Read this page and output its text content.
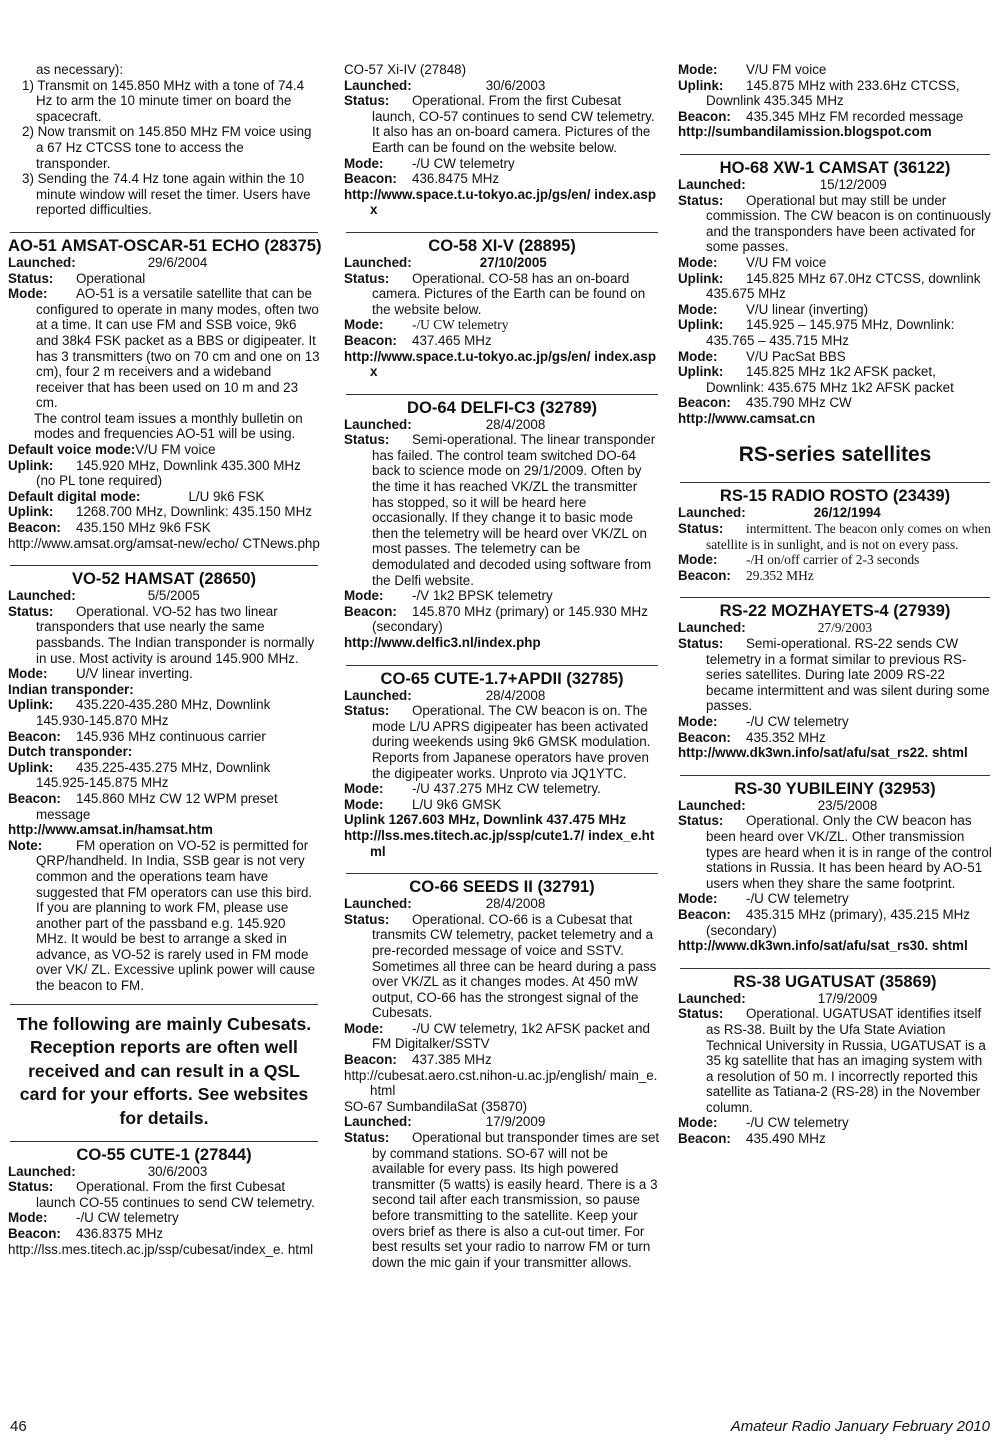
as necessary):

1) Transmit on 145.850 MHz with a tone of 74.4 Hz to arm the 10 minute timer on board the spacecraft.

2) Now transmit on 145.850 MHz FM voice using a 67 Hz CTCSS tone to access the transponder.

3) Sending the 74.4 Hz tone again within the 10 minute window will reset the timer. Users have reported difficulties.

AO-51 AMSAT-OSCAR-51 ECHO (28375)

Launched:	29/6/2004

Status: Operational

Mode: AO-51 is a versatile satellite that can be configured to operate in many modes, often two at a time. It can use FM and SSB voice, 9k6 and 38k4 FSK packet as a BBS or digipeater. It has 3 transmitters (two on 70 cm and one on 13 cm), four 2 m receivers and a wideband receiver that has been used on 10 m and 23 cm.

The control team issues a monthly bulletin on modes and frequencies AO-51 will be using.

Default voice mode:V/U FM voice

Uplink: 145.920 MHz, Downlink 435.300 MHz (no PL tone required)

Default digital mode:	L/U 9k6 FSK

Uplink: 1268.700 MHz, Downlink: 435.150 MHz

Beacon: 435.150 MHz 9k6 FSK

http://www.amsat.org/amsat-new/echo/ CTNews.php

VO-52 HAMSAT (28650)

Launched:	5/5/2005

Status: Operational. VO-52 has two linear transponders that use nearly the same passbands. The Indian transponder is normally in use. Most activity is around 145.900 MHz.

Mode: U/V linear inverting.

Indian transponder:

Uplink: 435.220-435.280 MHz, Downlink 145.930-145.870 MHz

Beacon: 145.936 MHz continuous carrier

Dutch transponder:

Uplink: 435.225-435.275 MHz, Downlink 145.925-145.875 MHz

Beacon: 145.860 MHz CW 12 WPM preset message

http://www.amsat.in/hamsat.htm

Note:	FM operation on VO-52 is permitted for QRP/handheld. In India, SSB gear is not very common and the operations team have suggested that FM operators can use this bird. If you are planning to work FM, please use another part of the passband e.g. 145.920 MHz. It would be best to arrange a sked in advance, as VO-52 is rarely used in FM mode over VK/ ZL. Excessive uplink power will cause the beacon to FM.

The following are mainly Cubesats. Reception reports are often well received and can result in a QSL card for your efforts. See websites for details.

CO-55 CUTE-1 (27844)

Launched:	30/6/2003

Status: Operational. From the first Cubesat launch CO-55 continues to send CW telemetry.

Mode: -/U CW telemetry

Beacon: 436.8375 MHz

http://lss.mes.titech.ac.jp/ssp/cubesat/index_e. html

CO-57 Xi-IV (27848)

Launched:	30/6/2003

Status: Operational. From the first Cubesat launch, CO-57 continues to send CW telemetry. It also has an on-board camera. Pictures of the Earth can be found on the website below.

Mode: -/U CW telemetry

Beacon: 436.8475 MHz

http://www.space.t.u-tokyo.ac.jp/gs/en/ index.aspx

CO-58 XI-V (28895)

Launched:	27/10/2005

Status: Operational. CO-58 has an on-board camera. Pictures of the Earth can be found on the website below.

Mode: -/U CW telemetry

Beacon: 437.465 MHz

http://www.space.t.u-tokyo.ac.jp/gs/en/ index.aspx

DO-64 DELFI-C3 (32789)

Launched:	28/4/2008

Status: Semi-operational. The linear transponder has failed. The control team switched DO-64 back to science mode on 29/1/2009. Often by the time it has reached VK/ZL the transmitter has stopped, so it will be heard here occasionally. If they change it to basic mode then the telemetry will be heard over VK/ZL on most passes. The telemetry can be demodulated and decoded using software from the Delfi website.

Mode: -/V 1k2 BPSK telemetry

Beacon: 145.870 MHz (primary) or 145.930 MHz (secondary)

http://www.delfic3.nl/index.php

CO-65 CUTE-1.7+APDII (32785)

Launched:	28/4/2008

Status: Operational. The CW beacon is on. The mode L/U APRS digipeater has been activated during weekends using 9k6 GMSK modulation. Reports from Japanese operators have proven the digipeater works. Unproto via JQ1YTC.

Mode: -/U 437.275 MHz CW telemetry.

Mode: L/U 9k6 GMSK

Uplink 1267.603 MHz, Downlink 437.475 MHz

http://lss.mes.titech.ac.jp/ssp/cute1.7/ index_e.html

CO-66 SEEDS II (32791)

Launched:	28/4/2008

Status: Operational. CO-66 is a Cubesat that transmits CW telemetry, packet telemetry and a pre-recorded message of voice and SSTV. Sometimes all three can be heard during a pass over VK/ZL as it changes modes. At 450 mW output, CO-66 has the strongest signal of the Cubesats.

Mode: -/U CW telemetry, 1k2 AFSK packet and FM Digitalker/SSTV

Beacon: 437.385 MHz

http://cubesat.aero.cst.nihon-u.ac.jp/english/ main_e.html

SO-67 SumbandilaSat (35870)

Launched:	17/9/2009

Status: Operational but transponder times are set by command stations. SO-67 will not be available for every pass. Its high powered transmitter (5 watts) is easily heard. There is a 3 second tail after each transmission, so pause before transmitting to the satellite. Keep your overs brief as there is also a cut-out timer. For best results set your radio to narrow FM or turn down the mic gain if your transmitter allows.

Mode: V/U FM voice

Uplink: 145.875 MHz with 233.6Hz CTCSS, Downlink 435.345 MHz

Beacon: 435.345 MHz FM recorded message

http://sumbandilamission.blogspot.com

HO-68 XW-1 CAMSAT (36122)

Launched:	15/12/2009

Status: Operational but may still be under commission. The CW beacon is on continuously and the transponders have been activated for some passes.

Mode: V/U FM voice

Uplink: 145.825 MHz 67.0Hz CTCSS, downlink 435.675 MHz

Mode: V/U linear (inverting)

Uplink: 145.925 – 145.975 MHz, Downlink: 435.765 – 435.715 MHz

Mode: V/U PacSat BBS

Uplink: 145.825 MHz 1k2 AFSK packet, Downlink: 435.675 MHz 1k2 AFSK packet

Beacon: 435.790 MHz CW

http://www.camsat.cn

RS-series satellites

RS-15 RADIO ROSTO (23439)

Launched:	26/12/1994

Status: intermittent. The beacon only comes on when satellite is in sunlight, and is not on every pass.

Mode: -/H on/off carrier of 2-3 seconds

Beacon: 29.352 MHz

RS-22 MOZHAYETS-4 (27939)

Launched:	27/9/2003

Status: Semi-operational. RS-22 sends CW telemetry in a format similar to previous RS-series satellites. During late 2009 RS-22 became intermittent and was silent during some passes.

Mode: -/U CW telemetry

Beacon: 435.352 MHz

http://www.dk3wn.info/sat/afu/sat_rs22. shtml

RS-30 YUBILEINY (32953)

Launched:	23/5/2008

Status: Operational. Only the CW beacon has been heard over VK/ZL. Other transmission types are heard when it is in range of the control stations in Russia. It has been heard by AO-51 users when they share the same footprint.

Mode: -/U CW telemetry

Beacon: 435.315 MHz (primary), 435.215 MHz (secondary)

http://www.dk3wn.info/sat/afu/sat_rs30. shtml

RS-38 UGATUSAT (35869)

Launched:	17/9/2009

Status: Operational. UGATUSAT identifies itself as RS-38. Built by the Ufa State Aviation Technical University in Russia, UGATUSAT is a 35 kg satellite that has an imaging system with a resolution of 50 m. I incorrectly reported this satellite as Tatiana-2 (RS-28) in the November column.

Mode: -/U CW telemetry

Beacon: 435.490 MHz

46	Amateur Radio January February 2010
